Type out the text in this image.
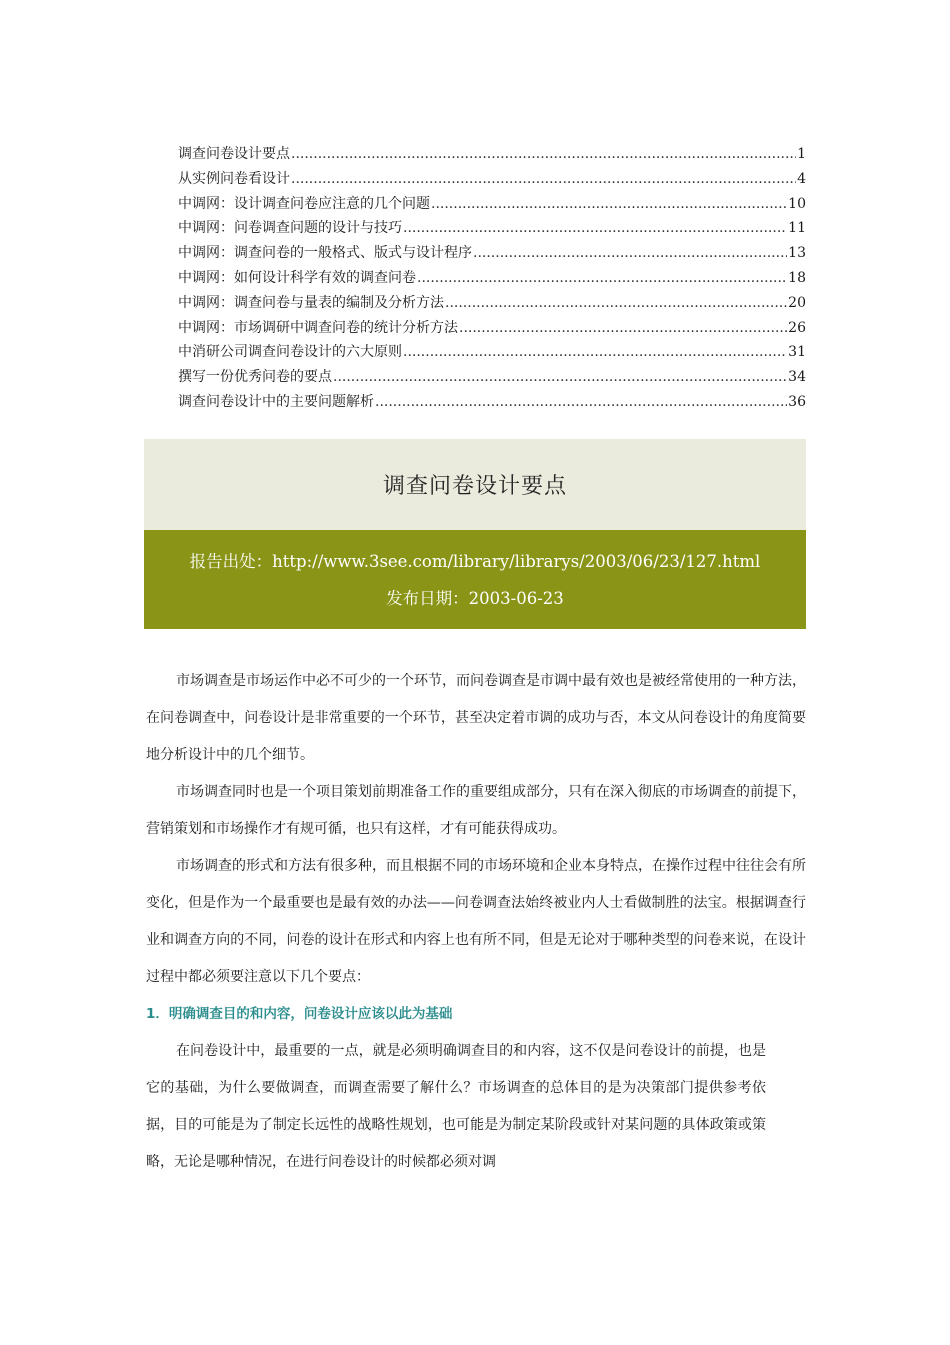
调查问卷设计要点 .....	1
从实例问卷看设计 .....	4
中调网：设计调查问卷应注意的几个问题 .....	10
中调网：问卷调查问题的设计与技巧 .....	11
中调网：调查问卷的一般格式、版式与设计程序 .....	13
中调网：如何设计科学有效的调查问卷 .....	18
中调网：调查问卷与量表的编制及分析方法 .....	20
中调网：市场调研中调查问卷的统计分析方法 .....	26
中消研公司调查问卷设计的六大原则 .....	31
撰写一份优秀问卷的要点 .....	34
调查问卷设计中的主要问题解析 .....	36
调查问卷设计要点
报告出处：http://www.3see.com/library/librarys/2003/06/23/127.html
发布日期：2003-06-23

市场调查是市场运作中必不可少的一个环节，而问卷调查是市调中最有效也是被经常使用的一种方法，在问卷调查中，问卷设计是非常重要的一个环节，甚至决定着市调的成功与否，本文从问卷设计的角度简要地分析设计中的几个细节。

市场调查同时也是一个项目策划前期准备工作的重要组成部分，只有在深入彻底的市场调查的前提下，营销策划和市场操作才有规可循，也只有这样，才有可能获得成功。

市场调查的形式和方法有很多种，而且根据不同的市场环境和企业本身特点，在操作过程中往往会有所变化，但是作为一个最重要也是最有效的办法——问卷调查法始终被业内人士看做制胜的法宝。根据调查行业和调查方向的不同，问卷的设计在形式和内容上也有所不同，但是无论对于哪种类型的问卷来说，在设计过程中都必须要注意以下几个要点：

1．明确调查目的和内容，问卷设计应该以此为基础

在问卷设计中，最重要的一点，就是必须明确调查目的和内容，这不仅是问卷设计的前提，也是它的基础，为什么要做调查，而调查需要了解什么？市场调查的总体目的是为决策部门提供参考依据，目的可能是为了制定长远性的战略性规划，也可能是为制定某阶段或针对某问题的具体政策或策略，无论是哪种情况，在进行问卷设计的时候都必须对调
